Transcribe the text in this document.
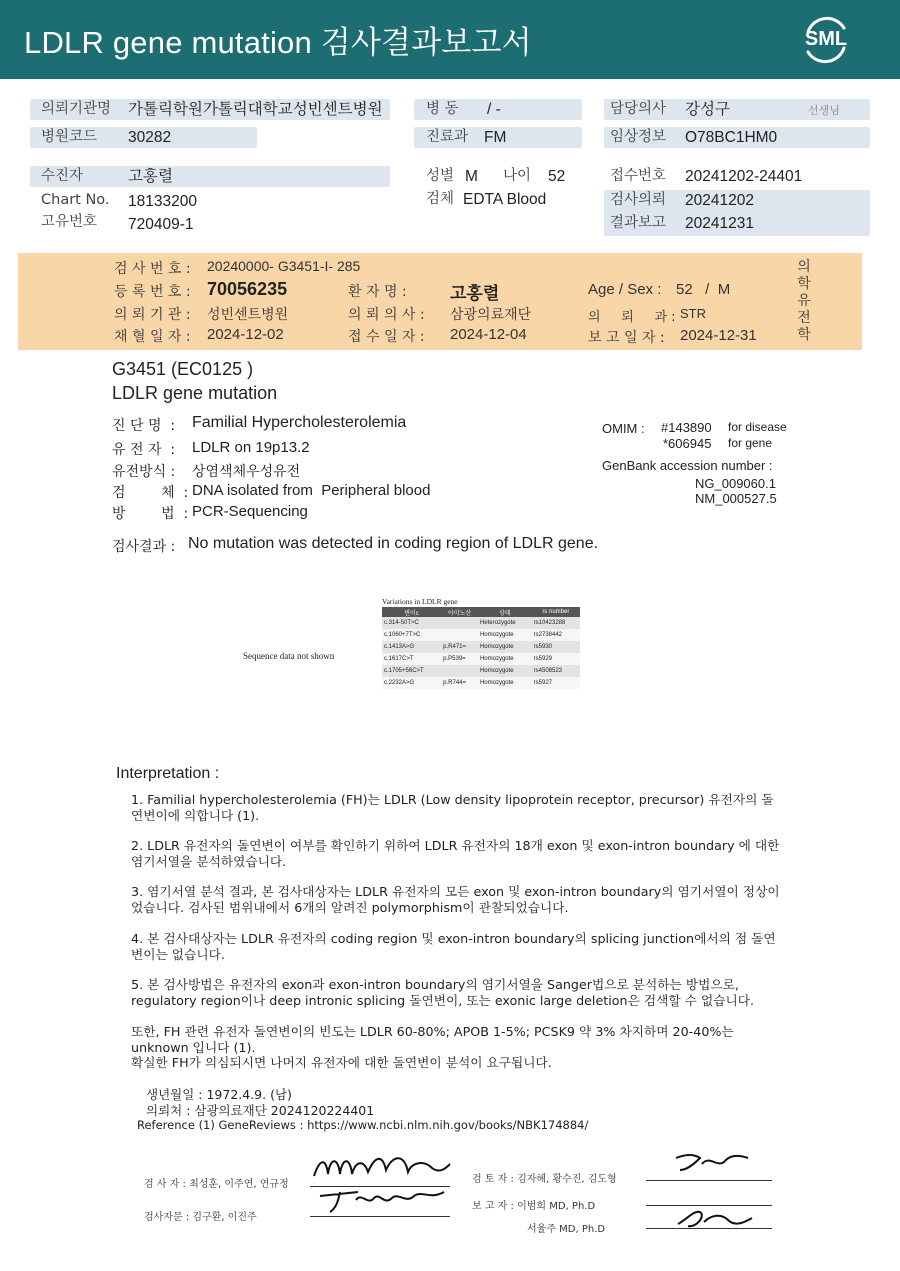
LDLR gene mutation 검사결과보고서	SML
의뢰기관명 가톨릭학원가톨릭대학교성빈센트병원
병원코드 30282
병 동 / -
진료과 FM
담당의사 강성구	선생님
임상정보 O78BC1HM0
수진자	고홍렬
Chart No. 18133200
고유번호 720409-1
성별 M 나이 52
검체 EDTA Blood
접수번호 20241202-24401
검사의뢰 20241202
결과보고 20241231
검 사 번 호 : 20240000- G3451-I- 285
등 록 번 호 : 70056235	환 자 명 :	고홍렬	Age / Sex : 52   /  M
의 뢰 기 관 : 성빈센트병원	의 뢰 의 사 : 삼광의료재단	의     뢰     과 : STR
채 혈 일 자 : 2024-12-02	접 수 일 자 : 2024-12-04	보 고 일 자 : 2024-12-31
의학유전학
G3451 (EC0125 )
LDLR gene mutation
진 단 명  : Familial Hypercholesterolemia
유 전 자  : LDLR on 19p13.2
유전방식 : 상염색체우성유전
검        체  : DNA isolated from  Peripheral blood
방        법  : PCR-Sequencing
OMIM : #143890 for disease
*606945 for gene
GenBank accession number :
NG_009060.1
NM_000527.5
검사결과 : No mutation was detected in coding region of LDLR gene.
Variations in LDLR gene
변이c	아미노산	상태	rs number
c.314-50T>C		Heterozygote	rs10423288
c.1060+7T>C		Homozygote	rs2738442
c.1413A>G	p.R471=	Homozygote	rs5930
c.1617C>T	p.P539=	Homozygote	rs5929
c.1705+56C>T		Homozygote	rs4508523
c.2232A>G	p.R744=	Homozygote	rs5927
Sequence data not shown
Interpretation :

1. Familial hypercholesterolemia (FH)는 LDLR (Low density lipoprotein receptor, precursor) 유전자의 돌연변이에 의합니다 (1).

2. LDLR 유전자의 돌연변이 여부를 확인하기 위하여 LDLR 유전자의 18개 exon 및 exon-intron boundary 에 대한 염기서열을 분석하였습니다.

3. 염기서열 분석 결과, 본 검사대상자는 LDLR 유전자의 모든 exon 및 exon-intron boundary의 염기서열이 정상이었습니다. 검사된 범위내에서 6개의 알려진 polymorphism이 관찰되었습니다.

4. 본 검사대상자는 LDLR 유전자의 coding region 및 exon-intron boundary의 splicing junction에서의 점 돌연변이는 없습니다.

5. 본 검사방법은 유전자의 exon과 exon-intron boundary의 염기서열을 Sanger법으로 분석하는 방법으로, regulatory region이나 deep intronic splicing 돌연변이, 또는 exonic large deletion은 검색할 수 없습니다.

또한, FH 관련 유전자 돌연변이의 빈도는 LDLR 60-80%; APOB 1-5%; PCSK9 약 3% 차지하며 20-40%는 unknown 입니다 (1).

확실한 FH가 의심되시면 나머지 유전자에 대한 돌연변이 분석이 요구됩니다.

생년월일 : 1972.4.9. (남)
의뢰처 : 삼광의료재단 2024120224401
Reference (1) GeneReviews : https://www.ncbi.nlm.nih.gov/books/NBK174884/
검 사 자 : 최성훈, 이주연, 연규정
검사자문 : 김구환, 이진주
검 토 자 : 김자혜, 황수진, 김도형
보 고 자 : 이범희 MD, Ph.D
서율주 MD, Ph.D
